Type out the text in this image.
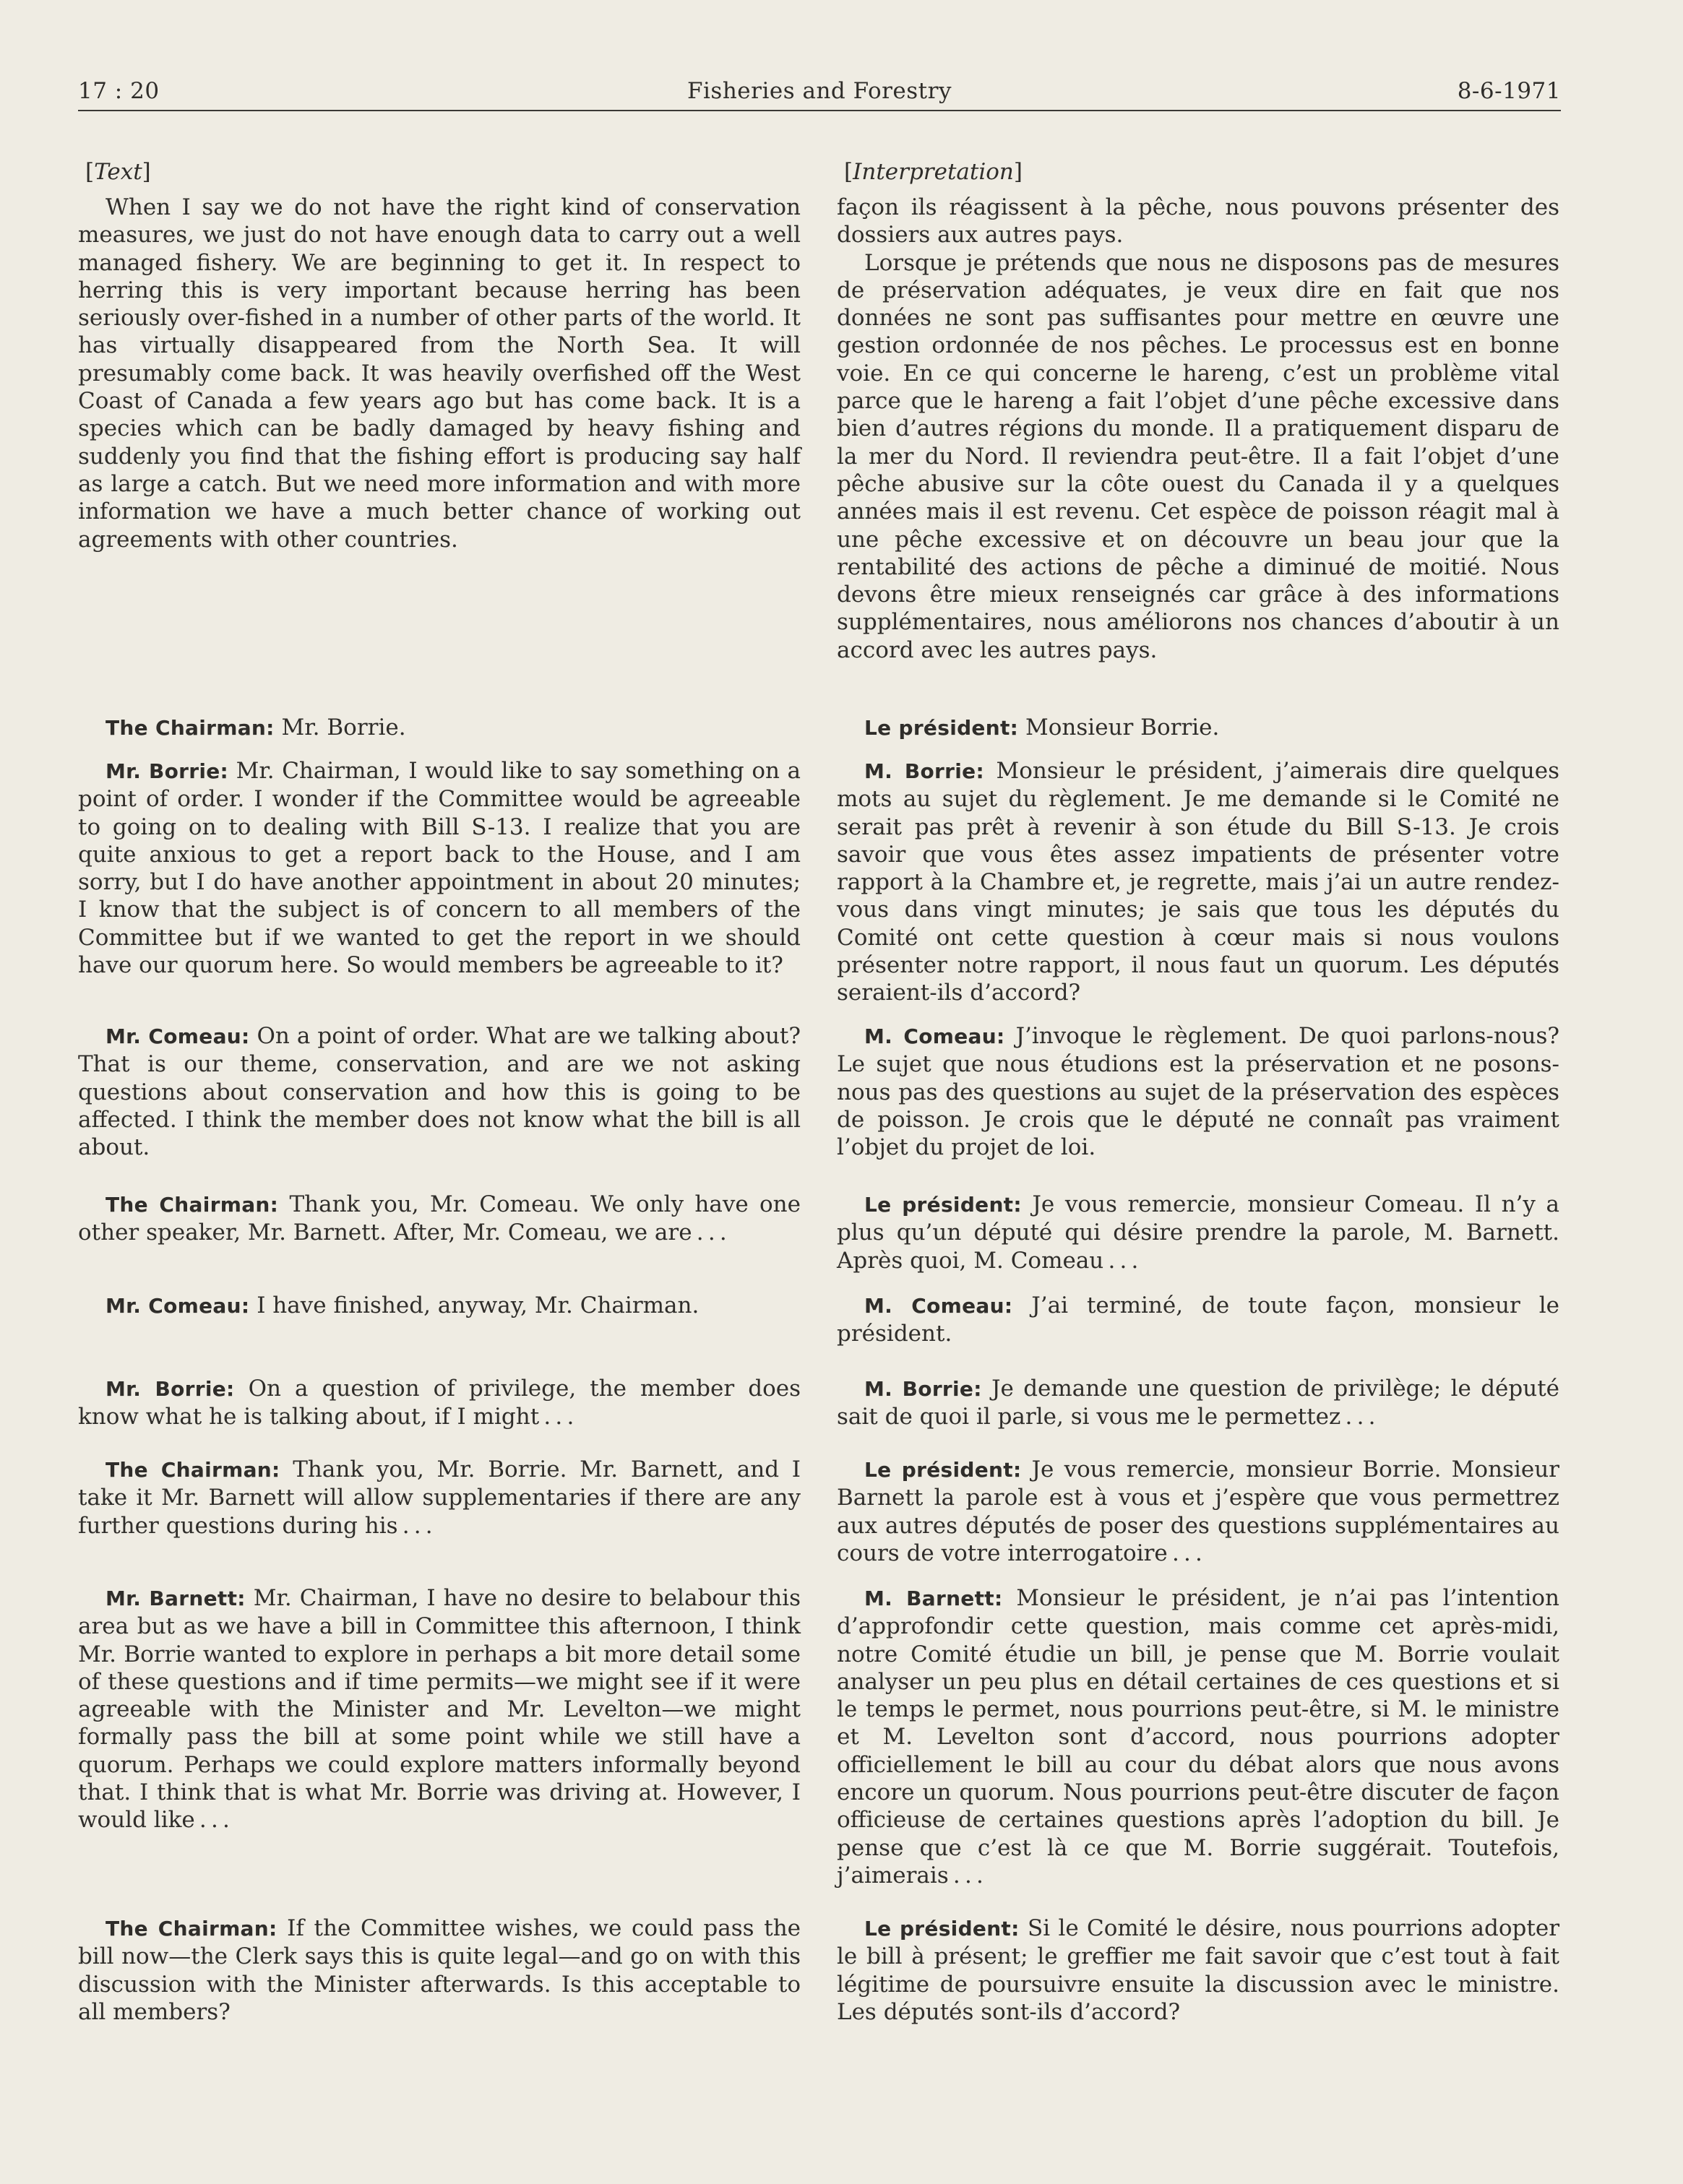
17 : 20	Fisheries and Forestry	8-6-1971
[Text]

When I say we do not have the right kind of conservation measures, we just do not have enough data to carry out a well managed fishery. We are beginning to get it. In respect to herring this is very important because herring has been seriously over-fished in a number of other parts of the world. It has virtually disappeared from the North Sea. It will presumably come back. It was heavily overfished off the West Coast of Canada a few years ago but has come back. It is a species which can be badly damaged by heavy fishing and suddenly you find that the fishing effort is producing say half as large a catch. But we need more information and with more information we have a much better chance of working out agreements with other countries.

The Chairman: Mr. Borrie.

Mr. Borrie: Mr. Chairman, I would like to say something on a point of order. I wonder if the Committee would be agreeable to going on to dealing with Bill S-13. I realize that you are quite anxious to get a report back to the House, and I am sorry, but I do have another appointment in about 20 minutes; I know that the subject is of concern to all members of the Committee but if we wanted to get the report in we should have our quorum here. So would members be agreeable to it?

Mr. Comeau: On a point of order. What are we talking about? That is our theme, conservation, and are we not asking questions about conservation and how this is going to be affected. I think the member does not know what the bill is all about.

The Chairman: Thank you, Mr. Comeau. We only have one other speaker, Mr. Barnett. After, Mr. Comeau, we are . . .

Mr. Comeau: I have finished, anyway, Mr. Chairman.

Mr. Borrie: On a question of privilege, the member does know what he is talking about, if I might . . .

The Chairman: Thank you, Mr. Borrie. Mr. Barnett, and I take it Mr. Barnett will allow supplementaries if there are any further questions during his . . .

Mr. Barnett: Mr. Chairman, I have no desire to belabour this area but as we have a bill in Committee this afternoon, I think Mr. Borrie wanted to explore in perhaps a bit more detail some of these questions and if time permits—we might see if it were agreeable with the Minister and Mr. Levelton—we might formally pass the bill at some point while we still have a quorum. Perhaps we could explore matters informally beyond that. I think that is what Mr. Borrie was driving at. However, I would like . . .

The Chairman: If the Committee wishes, we could pass the bill now—the Clerk says this is quite legal—and go on with this discussion with the Minister afterwards. Is this acceptable to all members?

[Interpretation]

façon ils réagissent à la pêche, nous pouvons présenter des dossiers aux autres pays.

Lorsque je prétends que nous ne disposons pas de mesures de préservation adéquates, je veux dire en fait que nos données ne sont pas suffisantes pour mettre en œuvre une gestion ordonnée de nos pêches. Le processus est en bonne voie. En ce qui concerne le hareng, c’est un problème vital parce que le hareng a fait l’objet d’une pêche excessive dans bien d’autres régions du monde. Il a pratiquement disparu de la mer du Nord. Il reviendra peut-être. Il a fait l’objet d’une pêche abusive sur la côte ouest du Canada il y a quelques années mais il est revenu. Cet espèce de poisson réagit mal à une pêche excessive et on découvre un beau jour que la rentabilité des actions de pêche a diminué de moitié. Nous devons être mieux renseignés car grâce à des informations supplémentaires, nous améliorons nos chances d’aboutir à un accord avec les autres pays.

Le président: Monsieur Borrie.

M. Borrie: Monsieur le président, j’aimerais dire quelques mots au sujet du règlement. Je me demande si le Comité ne serait pas prêt à revenir à son étude du Bill S-13. Je crois savoir que vous êtes assez impatients de présenter votre rapport à la Chambre et, je regrette, mais j’ai un autre rendez-vous dans vingt minutes; je sais que tous les députés du Comité ont cette question à cœur mais si nous voulons présenter notre rapport, il nous faut un quorum. Les députés seraient-ils d’accord?

M. Comeau: J’invoque le règlement. De quoi parlons-nous? Le sujet que nous étudions est la préservation et ne posons-nous pas des questions au sujet de la préservation des espèces de poisson. Je crois que le député ne connaît pas vraiment l’objet du projet de loi.

Le président: Je vous remercie, monsieur Comeau. Il n’y a plus qu’un député qui désire prendre la parole, M. Barnett. Après quoi, M. Comeau . . .

M. Comeau: J’ai terminé, de toute façon, monsieur le président.

M. Borrie: Je demande une question de privilège; le député sait de quoi il parle, si vous me le permettez . . .

Le président: Je vous remercie, monsieur Borrie. Monsieur Barnett la parole est à vous et j’espère que vous permettrez aux autres députés de poser des questions supplémentaires au cours de votre interrogatoire . . .

M. Barnett: Monsieur le président, je n’ai pas l’intention d’approfondir cette question, mais comme cet après-midi, notre Comité étudie un bill, je pense que M. Borrie voulait analyser un peu plus en détail certaines de ces questions et si le temps le permet, nous pourrions peut-être, si M. le ministre et M. Levelton sont d’accord, nous pourrions adopter officiellement le bill au cour du débat alors que nous avons encore un quorum. Nous pourrions peut-être discuter de façon officieuse de certaines questions après l’adoption du bill. Je pense que c’est là ce que M. Borrie suggérait. Toutefois, j’aimerais . . .

Le président: Si le Comité le désire, nous pourrions adopter le bill à présent; le greffier me fait savoir que c’est tout à fait légitime de poursuivre ensuite la discussion avec le ministre. Les députés sont-ils d’accord?
